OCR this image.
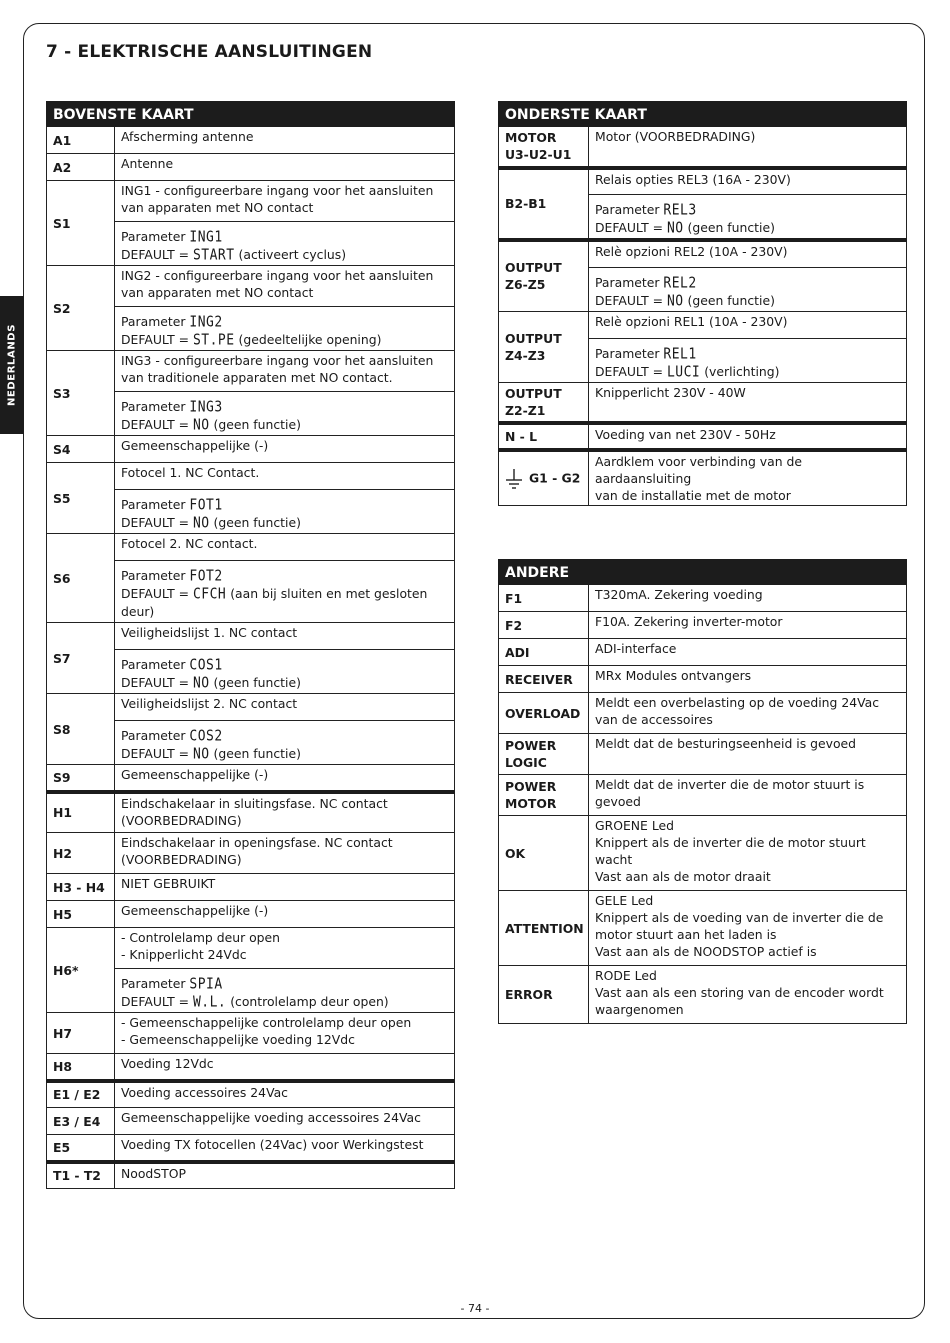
7 - ELEKTRISCHE AANSLUITINGEN
NEDERLANDS
BOVENSTE KAART	
A1	Afscherming antenne
A2	Antenne
S1	ING1 - configureerbare ingang voor het aansluiten
van apparaten met NO contact

	Parameter ING1
DEFAULT = START (activeert cyclus)

S2	ING2 - configureerbare ingang voor het aansluiten
van apparaten met NO contact

	Parameter ING2
DEFAULT = ST.PE (gedeeltelijke opening)

S3	ING3 - configureerbare ingang voor het aansluiten
van traditionele apparaten met NO contact.

	Parameter ING3
DEFAULT = NO (geen functie)

S4	Gemeenschappelijke (-)
S5	Fotocel 1. NC Contact.

	Parameter FOT1
DEFAULT = NO (geen functie)

S6	Fotocel 2. NC contact.

	Parameter FOT2
DEFAULT = CFCH (aan bij sluiten en met gesloten
deur)

S7	Veiligheidslijst 1. NC contact

	Parameter COS1
DEFAULT = NO (geen functie)

S8	Veiligheidslijst 2. NC contact

	Parameter COS2
DEFAULT = NO (geen functie)

S9	Gemeenschappelijke (-)
H1	Eindschakelaar in sluitingsfase. NC contact
(VOORBEDRADING)

H2	Eindschakelaar in openingsfase. NC contact
(VOORBEDRADING)

H3 - H4	NIET GEBRUIKT
H5	Gemeenschappelijke (-)
H6*	- Controlelamp deur open
- Knipperlicht 24Vdc

	Parameter SPIA
DEFAULT = W.L. (controlelamp deur open)

H7	- Gemeenschappelijke controlelamp deur open
- Gemeenschappelijke voeding 12Vdc

H8	Voeding 12Vdc
E1 / E2	Voeding accessoires 24Vac
E3 / E4	Gemeenschappelijke voeding accessoires 24Vac
E5	Voeding TX fotocellen (24Vac) voor Werkingstest
T1 - T2	NoodSTOP
ONDERSTE KAART	

MOTOR
U3-U2-U1	Motor (VOORBEDRADING)
B2-B1	Relais opties REL3 (16A - 230V)

	Parameter REL3
DEFAULT = NO (geen functie)

OUTPUT
Z6-Z5	Relè opzioni REL2 (10A - 230V)

	Parameter REL2
DEFAULT = NO (geen functie)

OUTPUT
Z4-Z3	Relè opzioni REL1 (10A - 230V)

	Parameter REL1
DEFAULT = LUCI (verlichting)

OUTPUT
Z2-Z1	Knipperlicht 230V - 40W
N - L	Voeding van net 230V - 50Hz
G1 - G2	Aardklem voor verbinding van de aardaansluiting
van de installatie met de motor
ANDERE	
F1	T320mA. Zekering voeding
F2	F10A. Zekering inverter-motor
ADI	ADI-interface
RECEIVER	MRx Modules ontvangers
OVERLOAD	Meldt een overbelasting op de voeding 24Vac
van de accessoires

POWER
LOGIC	Meldt dat de besturingseenheid is gevoed

POWER
MOTOR	Meldt dat de inverter die de motor stuurt is
gevoed

OK	GROENE Led
Knippert als de inverter die de motor stuurt
wacht
Vast aan als de motor draait

ATTENTION	GELE Led
Knippert als de voeding van de inverter die de
motor stuurt aan het laden is
Vast aan als de NOODSTOP actief is

ERROR	RODE Led
Vast aan als een storing van de encoder wordt
waargenomen
- 74 -
